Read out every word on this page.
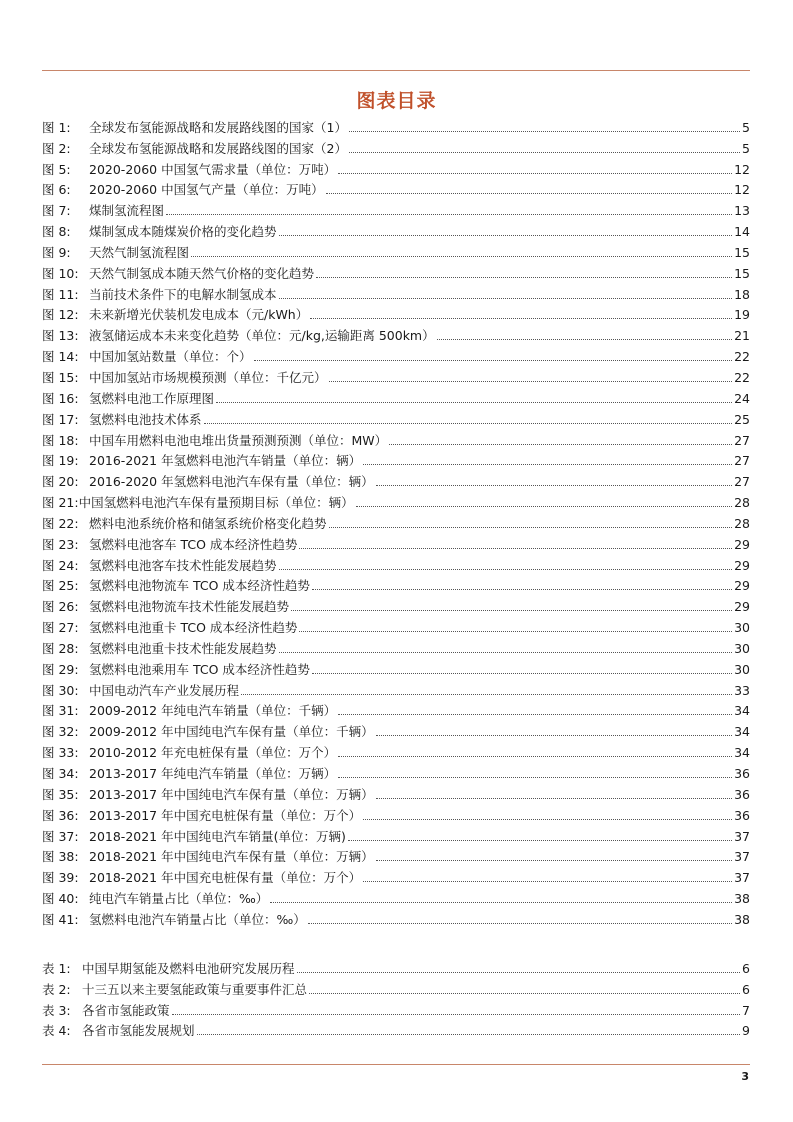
图表目录
图 1:	全球发布氢能源战略和发展路线图的国家（1）	5
图 2:	全球发布氢能源战略和发展路线图的国家（2）	5
图 5:	2020-2060 中国氢气需求量（单位：万吨）	12
图 6:	2020-2060 中国氢气产量（单位：万吨）	12
图 7:	煤制氢流程图	13
图 8:	煤制氢成本随煤炭价格的变化趋势	14
图 9:	天然气制氢流程图	15
图 10: 天然气制氢成本随天然气价格的变化趋势	15
图 11: 当前技术条件下的电解水制氢成本	18
图 12: 未来新增光伏装机发电成本（元/kWh）	19
图 13: 液氢储运成本未来变化趋势（单位：元/kg,运输距离 500km）	21
图 14: 中国加氢站数量（单位：个）	22
图 15: 中国加氢站市场规模预测（单位：千亿元）	22
图 16: 氢燃料电池工作原理图	24
图 17: 氢燃料电池技术体系	25
图 18: 中国车用燃料电池电堆出货量预测预测（单位：MW）	27
图 19: 2016-2021 年氢燃料电池汽车销量（单位：辆）	27
图 20: 2016-2020 年氢燃料电池汽车保有量（单位：辆）	27
图 21: 中国氢燃料电池汽车保有量预期目标（单位：辆）	28
图 22: 燃料电池系统价格和储氢系统价格变化趋势	28
图 23: 氢燃料电池客车 TCO 成本经济性趋势	29
图 24: 氢燃料电池客车技术性能发展趋势	29
图 25: 氢燃料电池物流车 TCO 成本经济性趋势	29
图 26: 氢燃料电池物流车技术性能发展趋势	29
图 27: 氢燃料电池重卡 TCO 成本经济性趋势	30
图 28: 氢燃料电池重卡技术性能发展趋势	30
图 29: 氢燃料电池乘用车 TCO 成本经济性趋势	30
图 30: 中国电动汽车产业发展历程	33
图 31: 2009-2012 年纯电汽车销量（单位：千辆）	34
图 32: 2009-2012 年中国纯电汽车保有量（单位：千辆）	34
图 33: 2010-2012 年充电桩保有量（单位：万个）	34
图 34: 2013-2017 年纯电汽车销量（单位：万辆）	36
图 35: 2013-2017 年中国纯电汽车保有量（单位：万辆）	36
图 36: 2013-2017 年中国充电桩保有量（单位：万个）	36
图 37: 2018-2021 年中国纯电汽车销量(单位：万辆)	37
图 38: 2018-2021 年中国纯电汽车保有量（单位：万辆）	37
图 39: 2018-2021 年中国充电桩保有量（单位：万个）	37
图 40: 纯电汽车销量占比（单位：‰）	38
图 41: 氢燃料电池汽车销量占比（单位：‰）	38
表 1: 中国早期氢能及燃料电池研究发展历程	6
表 2: 十三五以来主要氢能政策与重要事件汇总	6
表 3: 各省市氢能政策	7
表 4: 各省市氢能发展规划	9
3
